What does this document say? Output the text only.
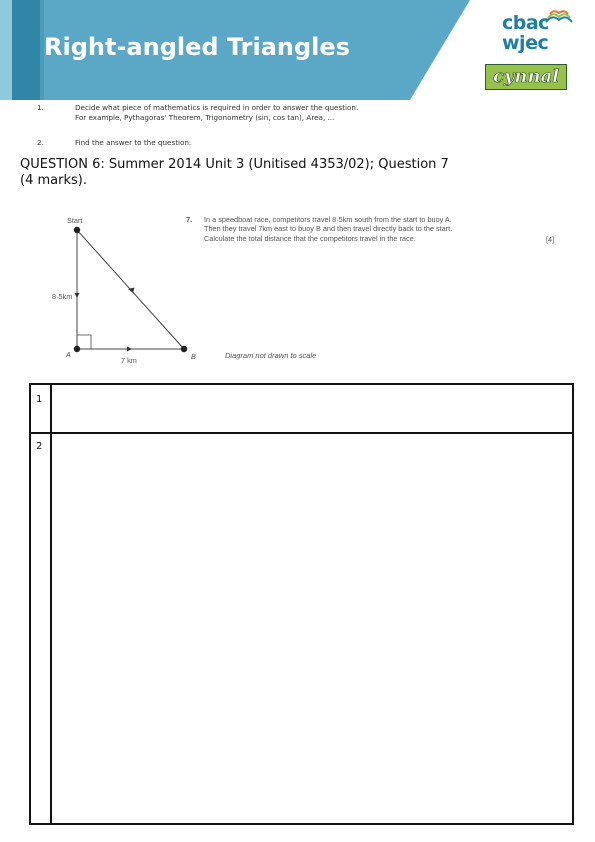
Right-angled Triangles
cbac
wjec
cynnal
1.	Decide what piece of mathematics is required in order to answer the question.
For example, Pythagoras' Theorem, Trigonometry (sin, cos tan), Area, ...
2.	Find the answer to the question.
QUESTION 6: Summer 2014 Unit 3 (Unitised 4353/02); Question 7
(4 marks).
Start
8·5km
A	B
7 km
7. In a speedboat race, competitors travel 8·5km south from the start to buoy A.
Then they travel 7km east to buoy B and then travel directly back to the start.
Calculate the total distance that the competitors travel in the race.	[4]
Diagram not drawn to scale
1
2
